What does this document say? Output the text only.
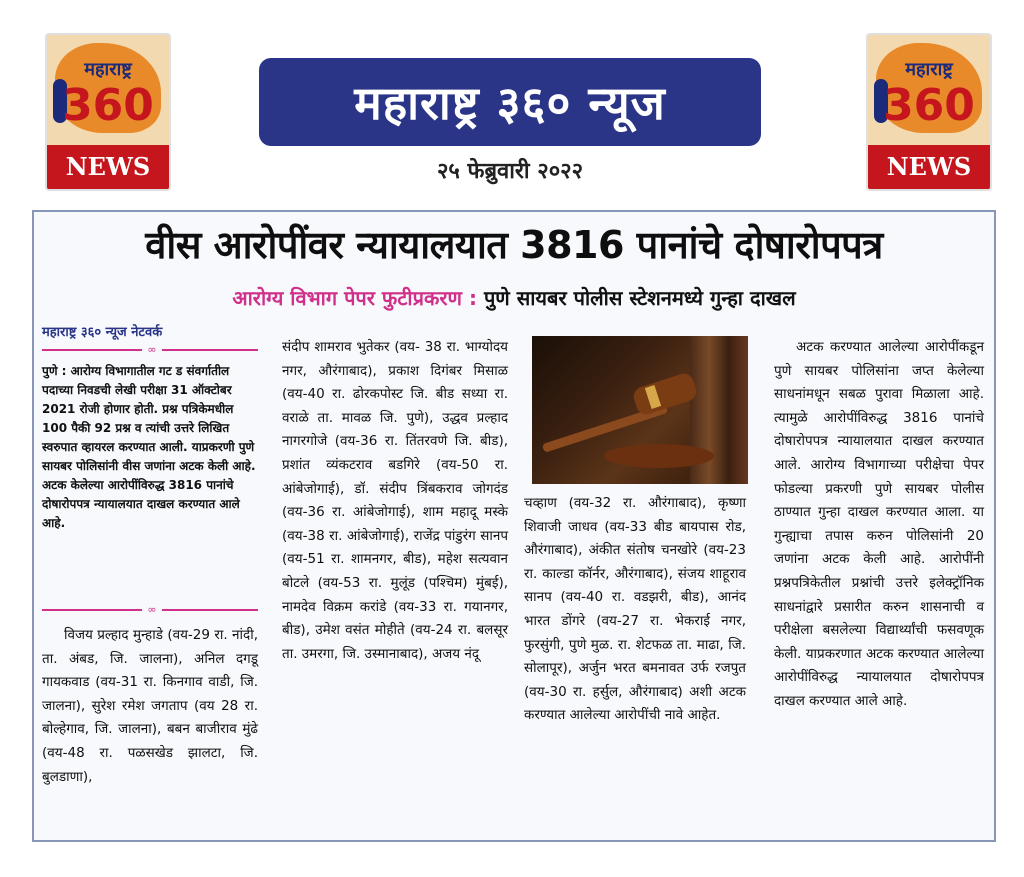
महाराष्ट्र
360
NEWS
महाराष्ट्र ३६० न्यूज
२५ फेब्रुवारी २०२२
महाराष्ट्र
360
NEWS
वीस आरोपींवर न्यायालयात 3816 पानांचे दोषारोपपत्र
आरोग्य विभाग पेपर फुटीप्रकरण : पुणे सायबर पोलीस स्टेशनमध्ये गुन्हा दाखल
महाराष्ट्र ३६० न्यूज नेटवर्क
∞
पुणे : आरोग्य विभागातील गट ड संवर्गातील पदाच्या निवडची लेखी परीक्षा 31 ऑक्टोबर 2021 रोजी होणार होती. प्रश्न पत्रिकेमधील 100 पैकी 92 प्रश्न व त्यांची उत्तरे लिखित स्वरुपात व्हायरल करण्यात आली. याप्रकरणी पुणे सायबर पोलिसांनी वीस जणांना अटक केली आहे. अटक केलेल्या आरोपींविरुद्ध 3816 पानांचे दोषारोपपत्र न्यायालयात दाखल करण्यात आले आहे.
∞
विजय प्रल्हाद मुन्हाडे (वय-29 रा. नांदी, ता. अंबड, जि. जालना), अनिल दगडू गायकवाड (वय-31 रा. किनगाव वाडी, जि. जालना), सुरेश रमेश जगताप (वय 28 रा. बोल्हेगाव, जि. जालना), बबन बाजीराव मुंढे (वय-48 रा. पळसखेड झालटा, जि. बुलडाणा),
संदीप शामराव भुतेकर (वय- 38 रा. भाग्योदय नगर, औरंगाबाद), प्रकाश दिगंबर मिसाळ (वय-40 रा. ढोरकपोस्ट जि. बीड सध्या रा. वराळे ता. मावळ जि. पुणे), उद्धव प्रल्हाद नागरगोजे (वय-36 रा. तिंतरवणे जि. बीड), प्रशांत व्यंकटराव बडगिरे (वय-50 रा. आंबेजोगाई), डॉ. संदीप त्रिंबकराव जोगदंड (वय-36 रा. आंबेजोगाई), शाम महादू मस्के (वय-38 रा. आंबेजोगाई), राजेंद्र पांडुरंग सानप (वय-51 रा. शामनगर, बीड), महेश सत्यवान बोटले (वय-53 रा. मुलूंड (पश्चिम) मुंबई), नामदेव विक्रम करांडे (वय-33 रा. गयानगर, बीड), उमेश वसंत मोहीते (वय-24 रा. बलसूर ता. उमरगा, जि. उस्मानाबाद), अजय नंदू
चव्हाण (वय-32 रा. औरंगाबाद), कृष्णा शिवाजी जाधव (वय-33 बीड बायपास रोड, औरंगाबाद), अंकीत संतोष चनखोरे (वय-23 रा. काल्डा कॉर्नर, औरंगाबाद), संजय शाहूराव सानप (वय-40 रा. वडझरी, बीड), आनंद भारत डोंगरे (वय-27 रा. भेकराई नगर, फुरसुंगी, पुणे मुळ. रा. शेटफळ ता. माढा, जि. सोलापूर), अर्जुन भरत बमनावत उर्फ रजपुत (वय-30 रा. हर्सुल, औरंगाबाद) अशी अटक करण्यात आलेल्या आरोपींची नावे आहेत.
अटक करण्यात आलेल्या आरोपींकडून पुणे सायबर पोलिसांना जप्त केलेल्या साधनांमधून सबळ पुरावा मिळाला आहे. त्यामुळे आरोपींविरुद्ध 3816 पानांचे दोषारोपपत्र न्यायालयात दाखल करण्यात आले. आरोग्य विभागाच्या परीक्षेचा पेपर फोडल्या प्रकरणी पुणे सायबर पोलीस ठाण्यात गुन्हा दाखल करण्यात आला. या गुन्ह्याचा तपास करुन पोलिसांनी 20 जणांना अटक केली आहे. आरोपींनी प्रश्नपत्रिकेतील प्रश्नांची उत्तरे इलेक्ट्रॉनिक साधनांद्वारे प्रसारीत करुन शासनाची व परीक्षेला बसलेल्या विद्यार्थ्यांची फसवणूक केली. याप्रकरणात अटक करण्यात आलेल्या आरोपींविरुद्ध न्यायालयात दोषारोपपत्र दाखल करण्यात आले आहे.
